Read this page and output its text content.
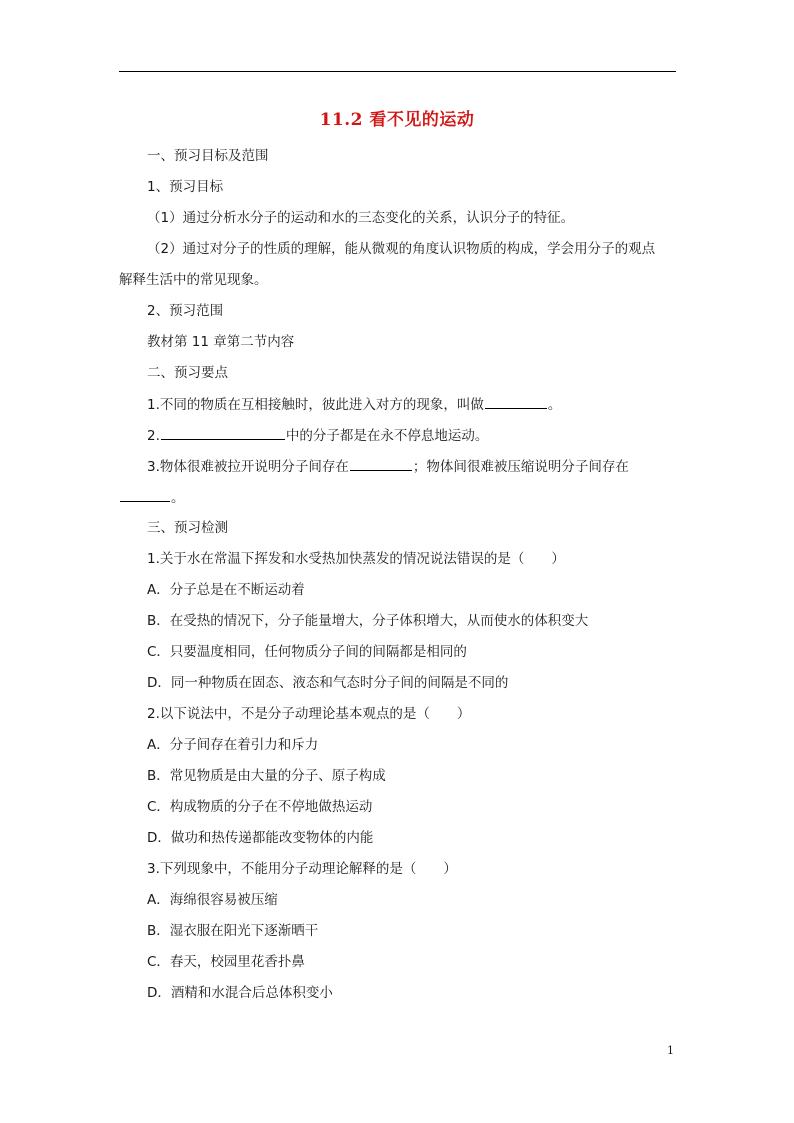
11.2 看不见的运动
一、预习目标及范围
1、预习目标
（1）通过分析水分子的运动和水的三态变化的关系，认识分子的特征。
（2）通过对分子的性质的理解，能从微观的角度认识物质的构成，学会用分子的观点
解释生活中的常见现象。
2、预习范围
教材第 11 章第二节内容
二、预习要点
1.不同的物质在互相接触时，彼此进入对方的现象，叫做	。
2.	中的分子都是在永不停息地运动。
3.物体很难被拉开说明分子间存在	；物体间很难被压缩说明分子间存在
。
三、预习检测
1.关于水在常温下挥发和水受热加快蒸发的情况说法错误的是（　　）
A．分子总是在不断运动着
B．在受热的情况下，分子能量增大，分子体积增大，从而使水的体积变大
C．只要温度相同，任何物质分子间的间隔都是相同的
D．同一种物质在固态、液态和气态时分子间的间隔是不同的
2.以下说法中，不是分子动理论基本观点的是（　　）
A．分子间存在着引力和斥力
B．常见物质是由大量的分子、原子构成
C．构成物质的分子在不停地做热运动
D．做功和热传递都能改变物体的内能
3.下列现象中，不能用分子动理论解释的是（　　）
A．海绵很容易被压缩
B．湿衣服在阳光下逐渐晒干
C．春天，校园里花香扑鼻
D．酒精和水混合后总体积变小
1
